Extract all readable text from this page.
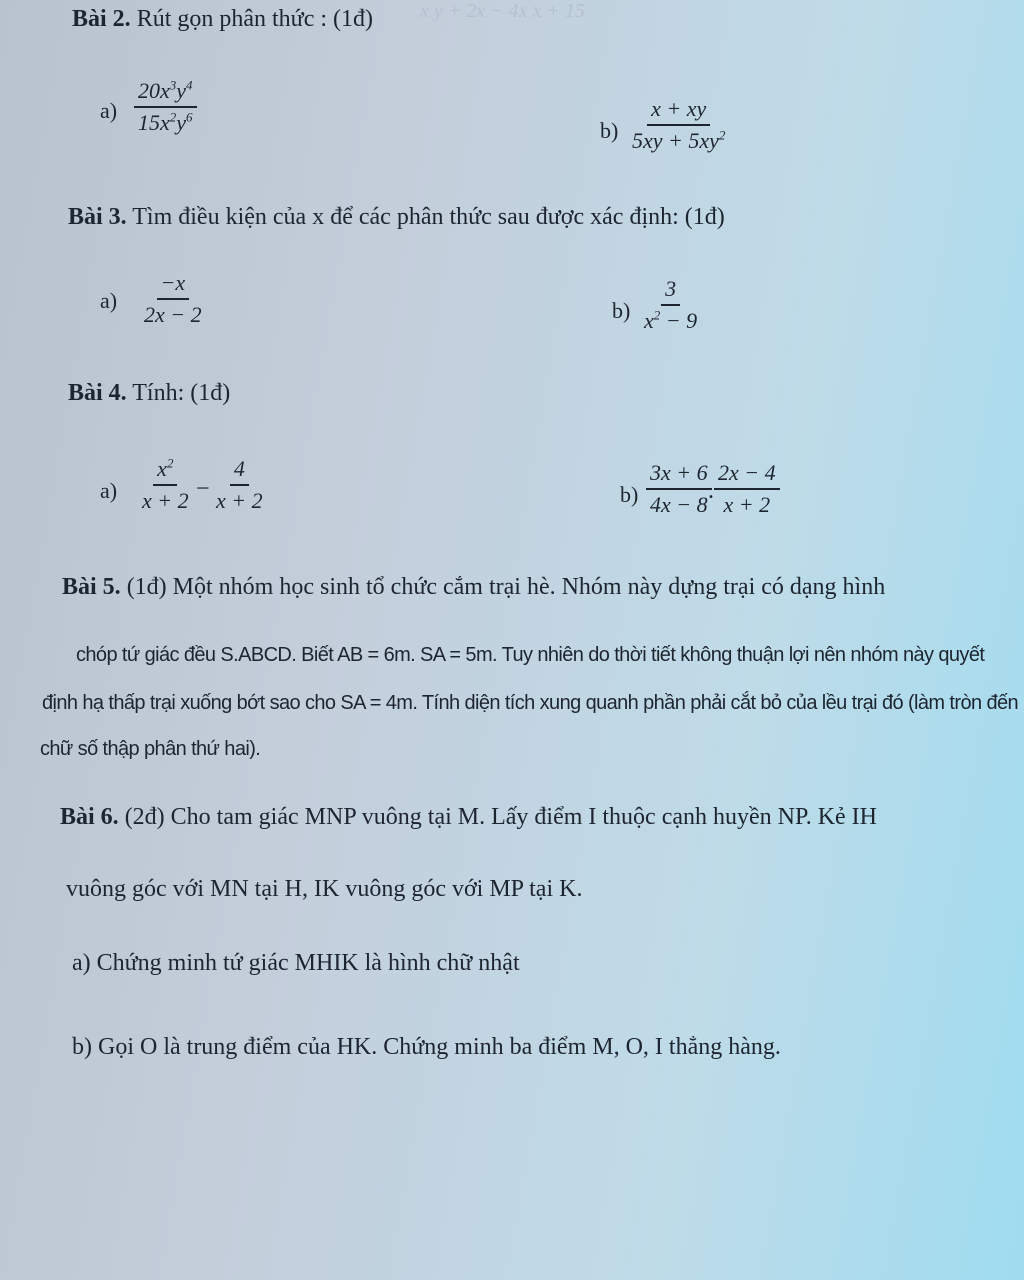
x y + 2x − 4x x + 15
Bài 2. Rút gọn phân thức : (1đ)
$a) \frac{20x^3y^4}{15x^2y^6}$	$b) \frac{x + xy}{5xy + 5xy^2}$
Bài 3. Tìm điều kiện của x để các phân thức sau được xác định: (1đ)
$a) \frac{-x}{2x - 2}$	$b) \frac{3}{x^2 - 9}$
Bài 4. Tính: (1đ)
$a) \frac{x^2}{x + 2} - \frac{4}{x + 2}$	$b) \frac{3x + 6}{4x - 8}$
. $\frac{2x - 4}{x + 2}$
Bài 5. (1đ) Một nhóm học sinh tổ chức cắm trại hè. Nhóm này dựng trại có dạng hình
chóp tứ giác đều S.ABCD. Biết AB = 6m. SA = 5m. Tuy nhiên do thời tiết không thuận lợi nên nhóm này quyết
định hạ thấp trại xuống bớt sao cho SA = 4m. Tính diện tích xung quanh phần phải cắt bỏ của lều trại đó (làm tròn đến
chữ số thập phân thứ hai).
Bài 6. (2đ) Cho tam giác MNP vuông tại M. Lấy điểm I thuộc cạnh huyền NP. Kẻ IH
vuông góc với MN tại H, IK vuông góc với MP tại K.
a) Chứng minh tứ giác MHIK là hình chữ nhật
b) Gọi O là trung điểm của HK. Chứng minh ba điểm M, O, I thẳng hàng.
